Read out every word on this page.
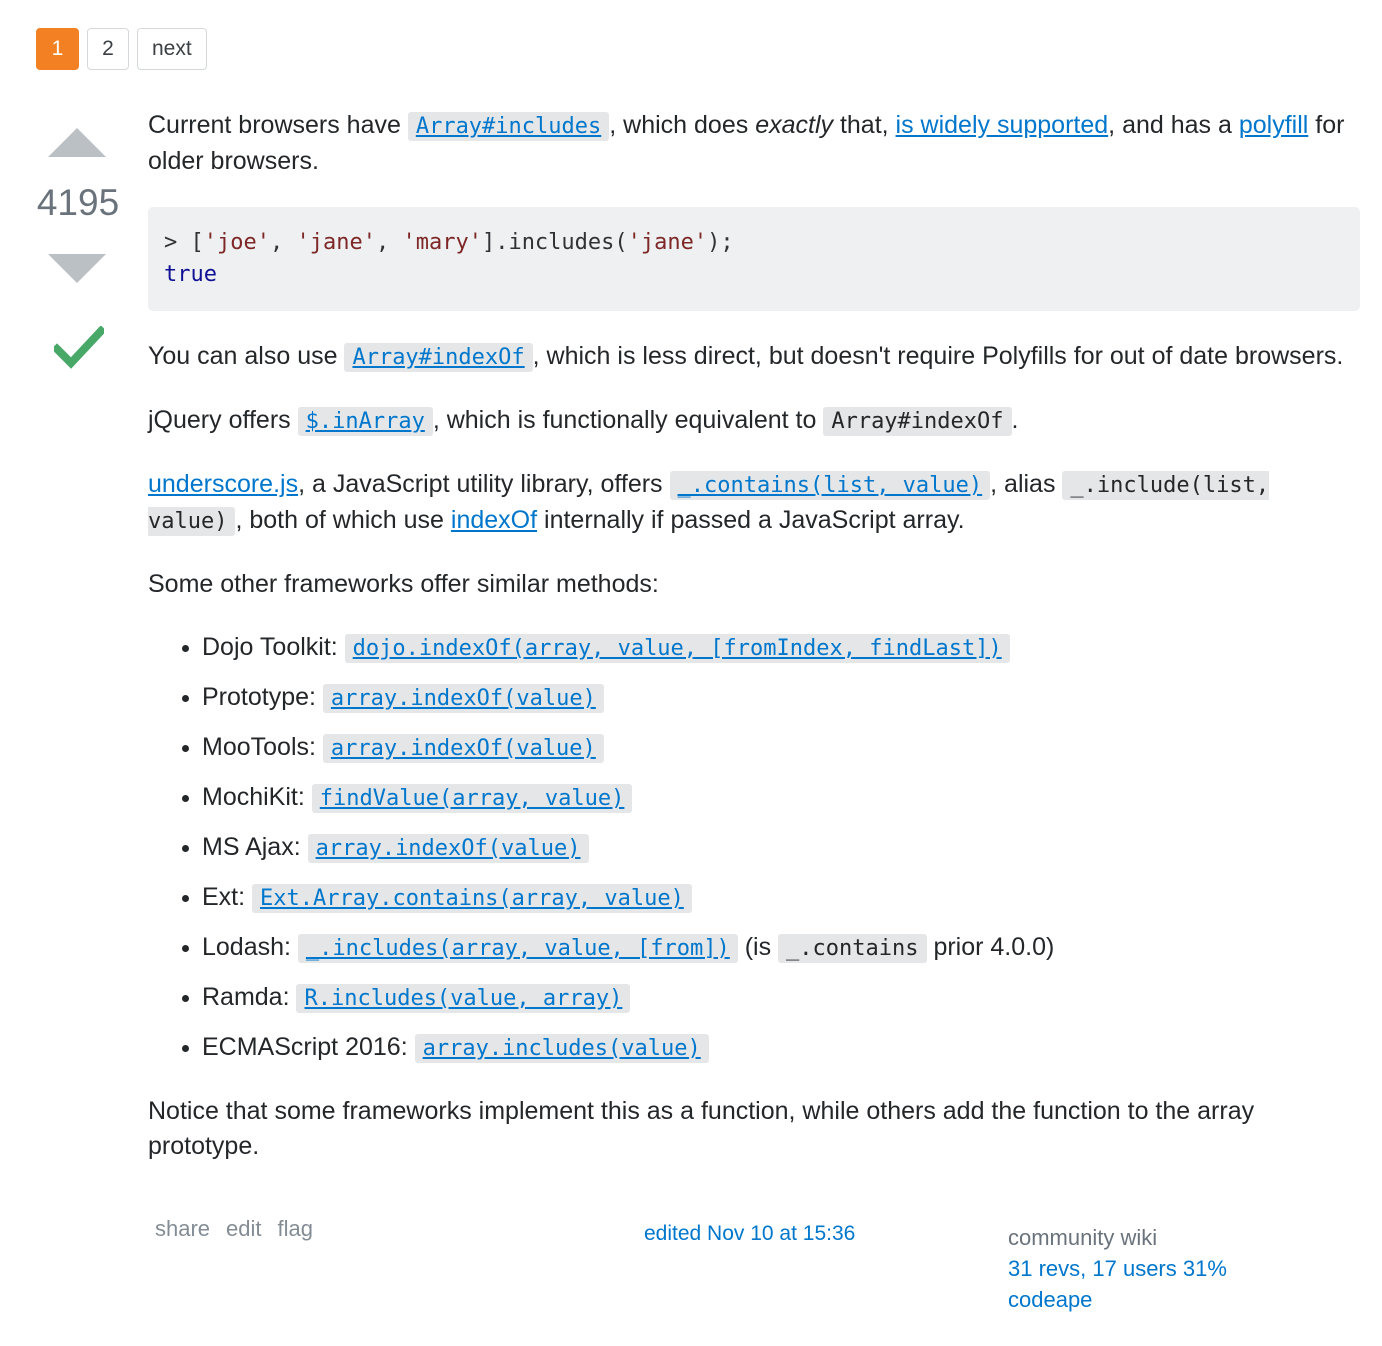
1	2	next
4195

Current browsers have Array#includes , which does exactly that, is widely supported, and has a polyfill for older browsers.

> ['joe', 'jane', 'mary'].includes('jane');
true

You can also use Array#indexOf , which is less direct, but doesn't require Polyfills for out of date browsers.

jQuery offers $.inArray , which is functionally equivalent to Array#indexOf .

underscore.js, a JavaScript utility library, offers _.contains(list, value) , alias _.include(list, value) , both of which use indexOf internally if passed a JavaScript array.

Some other frameworks offer similar methods:

• Dojo Toolkit: dojo.indexOf(array, value, [fromIndex, findLast])
• Prototype: array.indexOf(value)
• MooTools: array.indexOf(value)
• MochiKit: findValue(array, value)
• MS Ajax: array.indexOf(value)
• Ext: Ext.Array.contains(array, value)
• Lodash: _.includes(array, value, [from]) (is _.contains prior 4.0.0)
• Ramda: R.includes(value, array)
• ECMAScript 2016: array.includes(value)

Notice that some frameworks implement this as a function, while others add the function to the array prototype.

share edit flag	edited Nov 10 at 15:36	community wiki
31 revs, 17 users 31%
codeape
